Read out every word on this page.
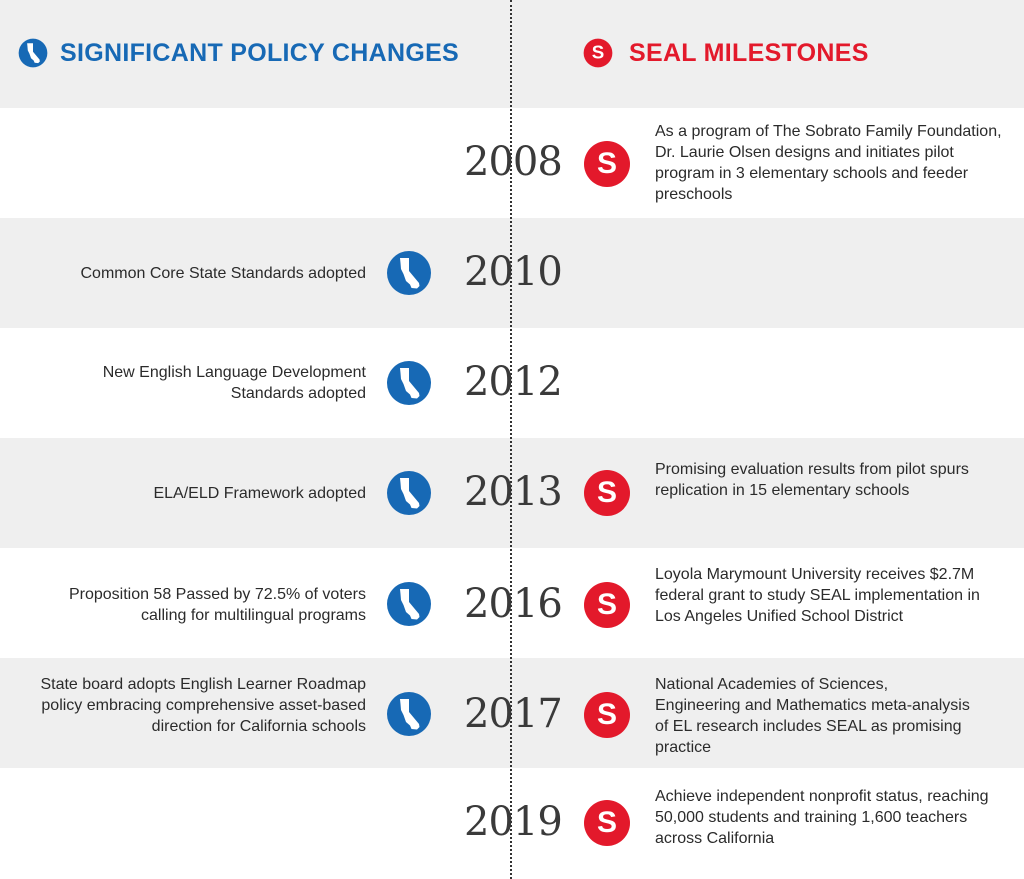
SIGNIFICANT POLICY CHANGES	SEAL MILESTONES
2008
As a program of The Sobrato Family Foundation, Dr. Laurie Olsen designs and initiates pilot program in 3 elementary schools and feeder preschools
Common Core State Standards adopted 2010
New English Language Development Standards adopted 2012
ELA/ELD Framework adopted 2013	Promising evaluation results from pilot spurs replication in 15 elementary schools
Proposition 58 Passed by 72.5% of voters calling for multilingual programs 2016
Loyola Marymount University receives $2.7M federal grant to study SEAL implementation in Los Angeles Unified School District
State board adopts English Learner Roadmap policy embracing comprehensive asset-based direction for California schools 2017
National Academies of Sciences, Engineering and Mathematics meta-analysis of EL research includes SEAL as promising practice
2019
Achieve independent nonprofit status, reaching 50,000 students and training 1,600 teachers across California
